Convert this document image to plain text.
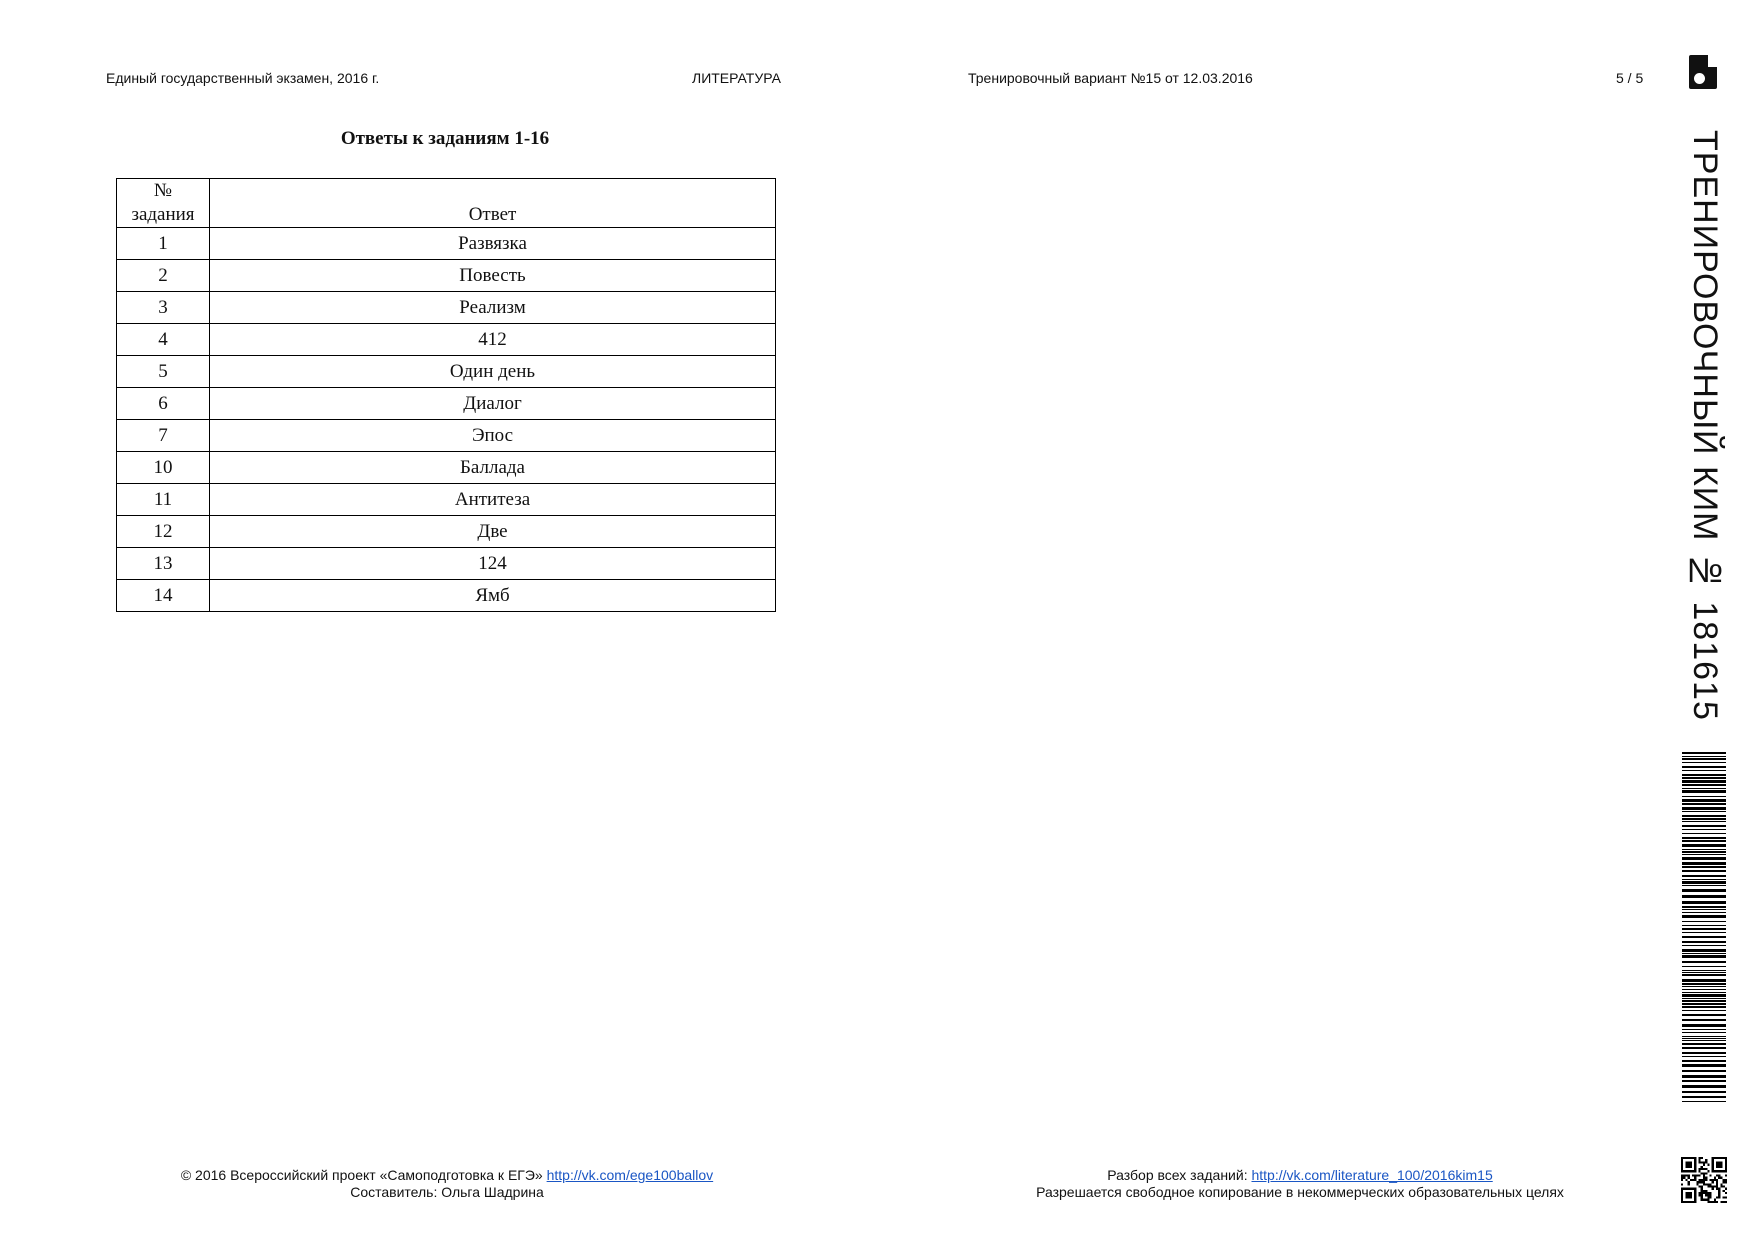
Единый государственный экзамен, 2016 г.	ЛИТЕРАТУРА	Тренировочный вариант №15 от 12.03.2016	5 / 5
Ответы к заданиям 1-16
№
задания	Ответ
1	Развязка
2	Повесть
3	Реализм
4	412
5	Один день
6	Диалог
7	Эпос
10	Баллада
11	Антитеза
12	Две
13	124
14	Ямб	ТРЕНИРОВОЧНЫЙ КИМ № 181615
© 2016 Всероссийский проект «Самоподготовка к ЕГЭ» http://vk.com/ege100ballov
Составитель: Ольга Шадрина
Разбор всех заданий: http://vk.com/literature_100/2016kim15
Разрешается свободное копирование в некоммерческих образовательных целях
